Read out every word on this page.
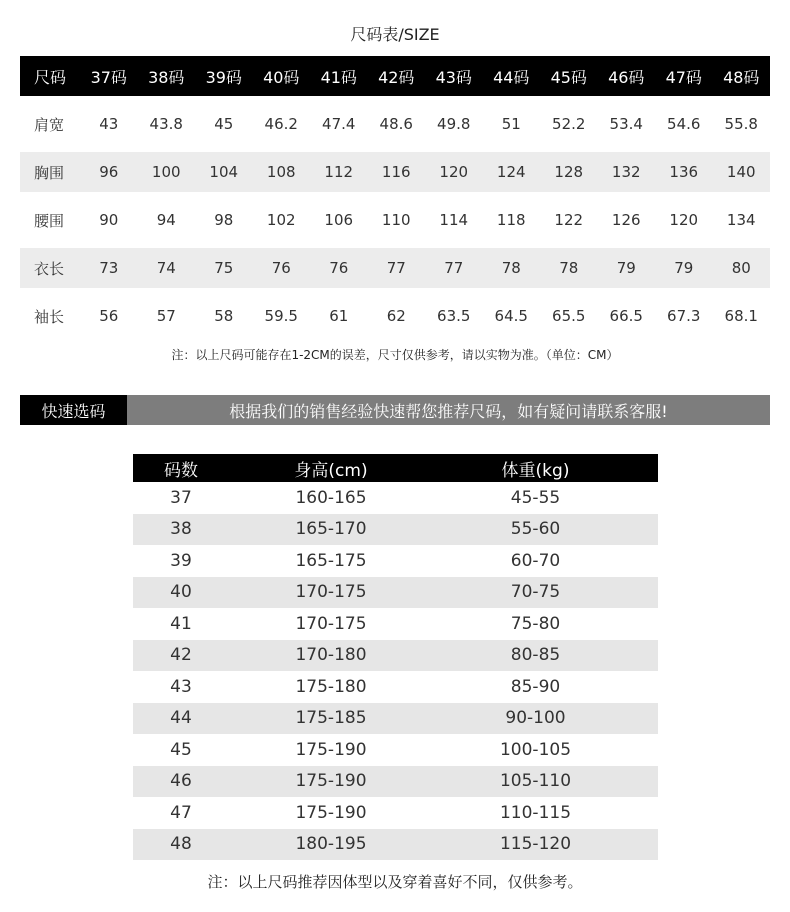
尺码表/SIZE
尺码	37码	38码	39码	40码	41码	42码	43码	44码	45码	46码	47码	48码
肩宽	43	43.8	45	46.2	47.4	48.6	49.8	51	52.2	53.4	54.6	55.8
胸围	96	100	104	108	112	116	120	124	128	132	136	140
腰围	90	94	98	102	106	110	114	118	122	126	120	134
衣长	73	74	75	76	76	77	77	78	78	79	79	80
袖长	56	57	58	59.5	61	62	63.5	64.5	65.5	66.5	67.3	68.1
注：以上尺码可能存在1-2CM的误差，尺寸仅供参考，请以实物为准。（单位：CM）
快速选码	根据我们的销售经验快速帮您推荐尺码，如有疑问请联系客服!
码数	身高(cm)	体重(kg)
37	160-165	45-55
38	165-170	55-60
39	165-175	60-70
40	170-175	70-75
41	170-175	75-80
42	170-180	80-85
43	175-180	85-90
44	175-185	90-100
45	175-190	100-105
46	175-190	105-110
47	175-190	110-115
48	180-195	115-120
注：以上尺码推荐因体型以及穿着喜好不同，仅供参考。
